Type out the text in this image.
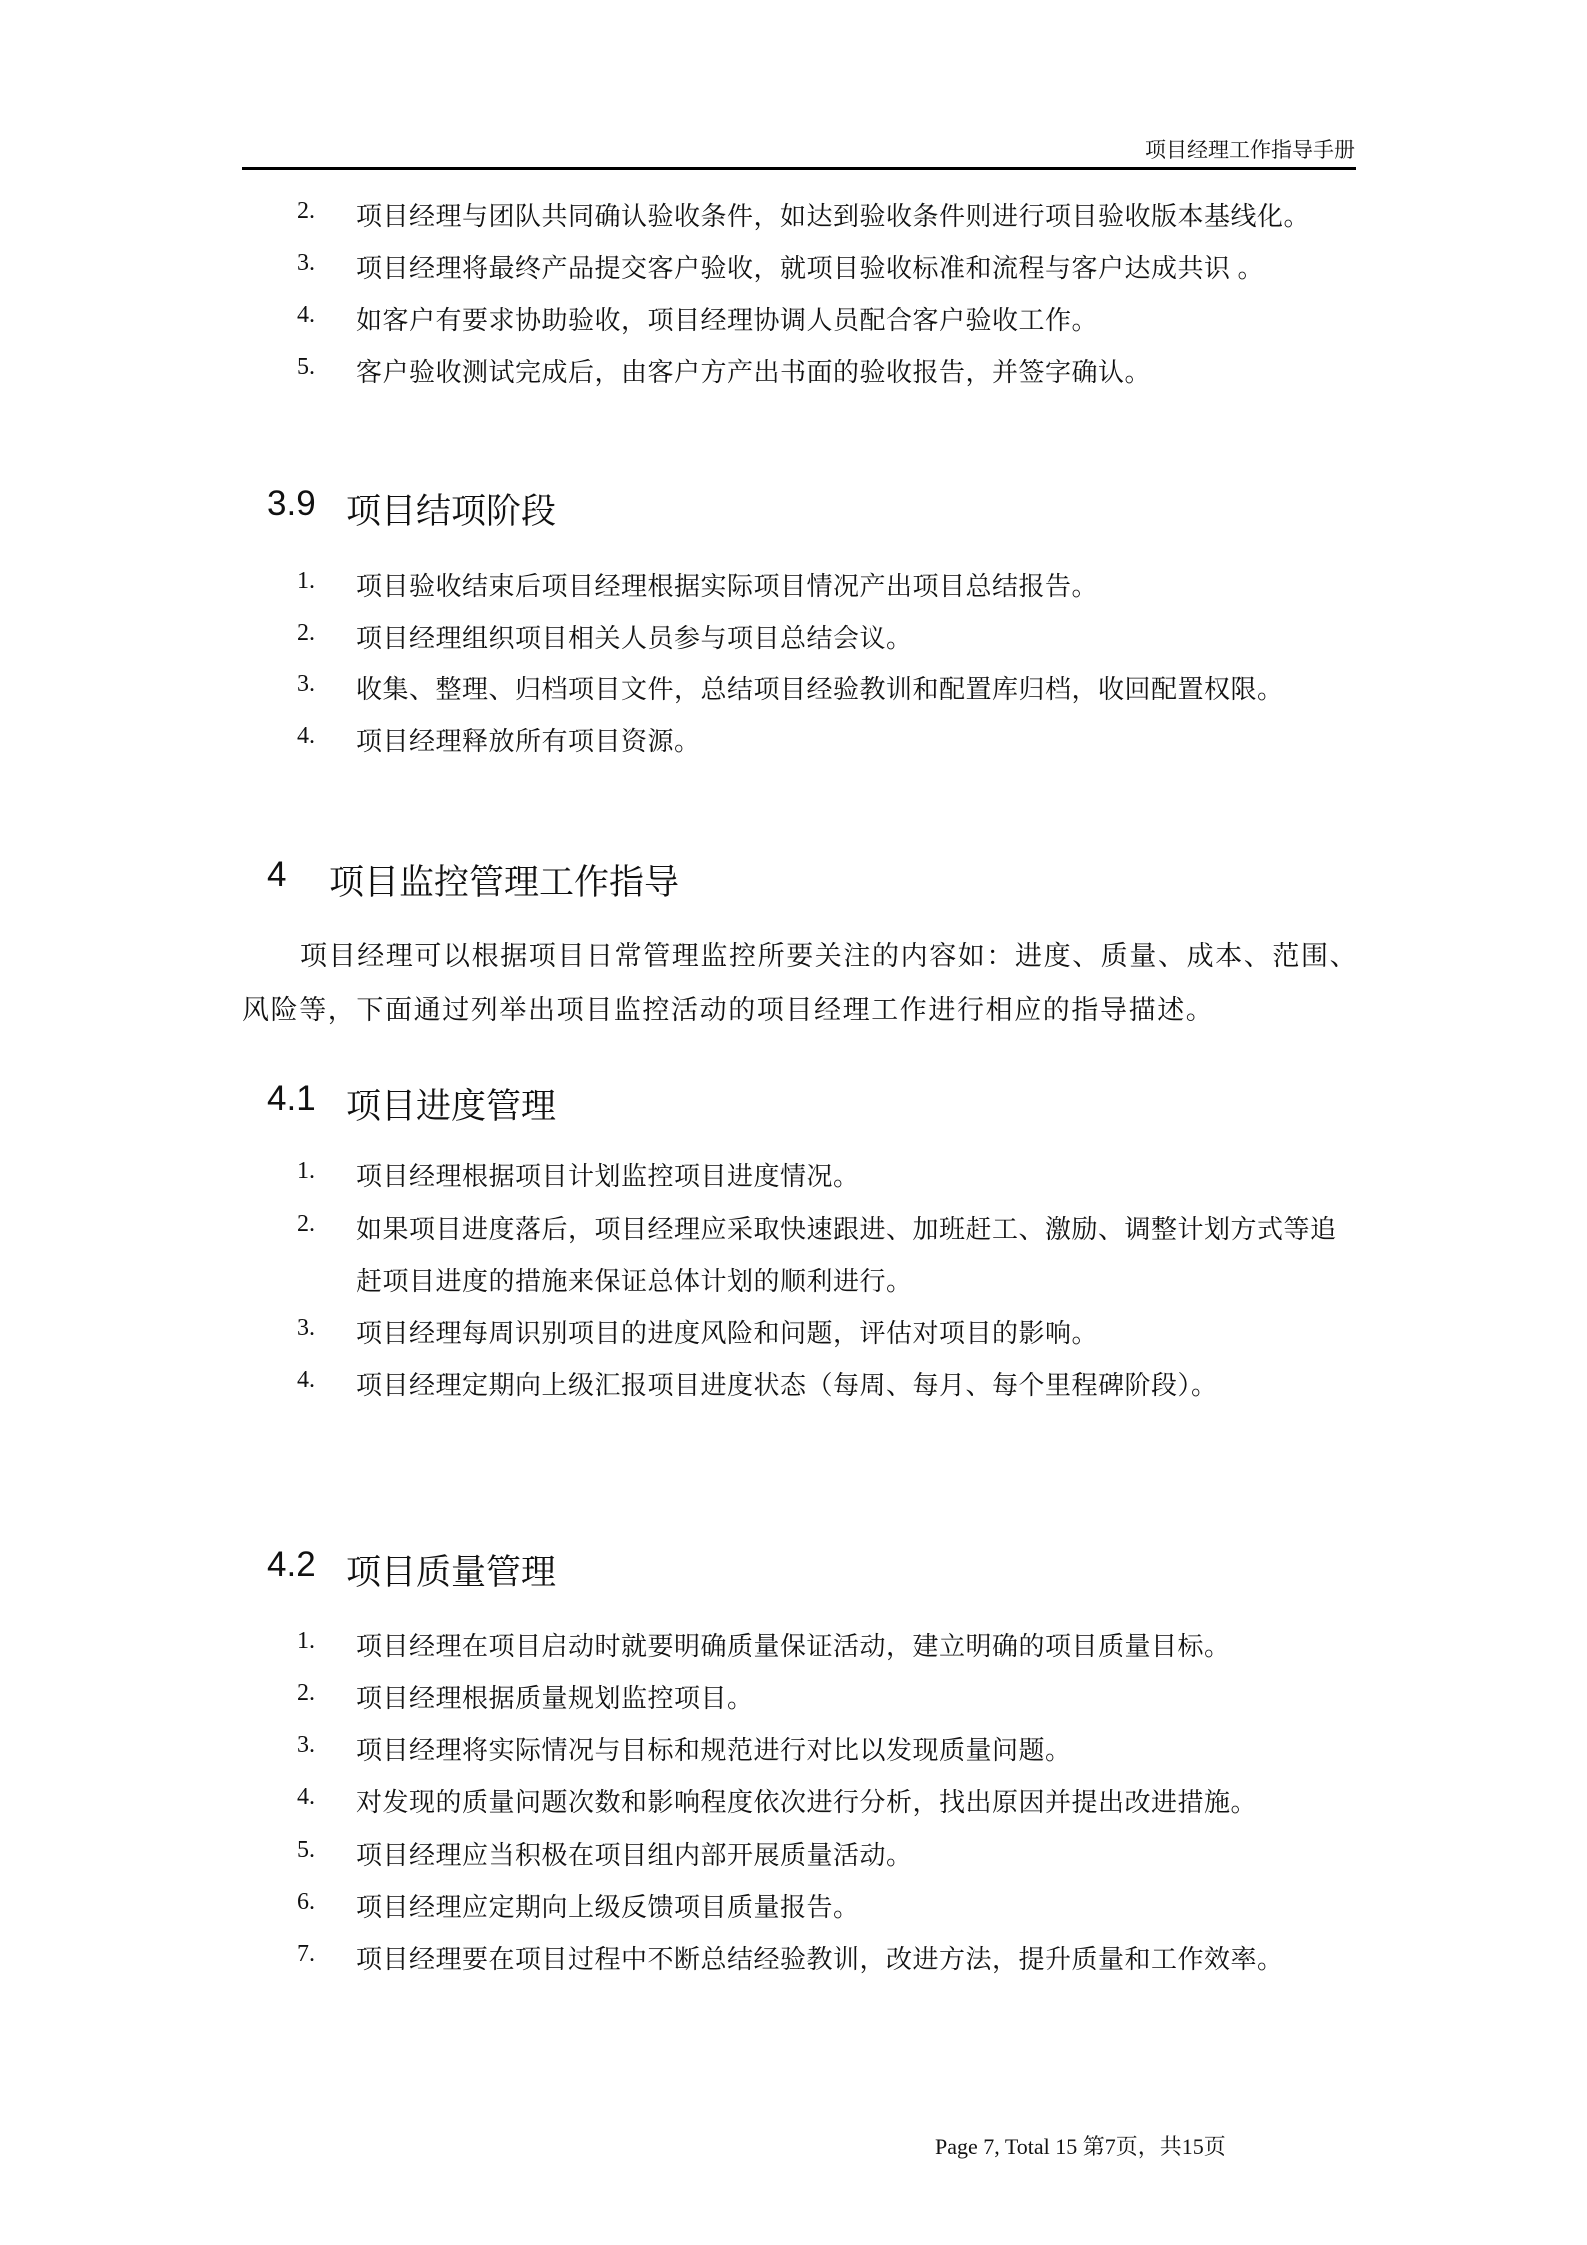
项目经理工作指导手册
2. 项目经理与团队共同确认验收条件，如达到验收条件则进行项目验收版本基线化。
3. 项目经理将最终产品提交客户验收，就项目验收标准和流程与客户达成共识 。
4. 如客户有要求协助验收，项目经理协调人员配合客户验收工作。
5. 客户验收测试完成后，由客户方产出书面的验收报告，并签字确认。
3.9 项目结项阶段
1. 项目验收结束后项目经理根据实际项目情况产出项目总结报告。
2. 项目经理组织项目相关人员参与项目总结会议。
3. 收集、整理、归档项目文件，总结项目经验教训和配置库归档，收回配置权限。
4. 项目经理释放所有项目资源。
4 项目监控管理工作指导
项目经理可以根据项目日常管理监控所要关注的内容如：进度、质量、成本、范围、
风险等，下面通过列举出项目监控活动的项目经理工作进行相应的指导描述。
4.1 项目进度管理
1. 项目经理根据项目计划监控项目进度情况。
2. 如果项目进度落后，项目经理应采取快速跟进、加班赶工、激励、调整计划方式等追
赶项目进度的措施来保证总体计划的顺利进行。
3. 项目经理每周识别项目的进度风险和问题，评估对项目的影响。
4. 项目经理定期向上级汇报项目进度状态（每周、每月、每个里程碑阶段）。
4.2 项目质量管理
1. 项目经理在项目启动时就要明确质量保证活动，建立明确的项目质量目标。
2. 项目经理根据质量规划监控项目。
3. 项目经理将实际情况与目标和规范进行对比以发现质量问题。
4. 对发现的质量问题次数和影响程度依次进行分析，找出原因并提出改进措施。
5. 项目经理应当积极在项目组内部开展质量活动。
6. 项目经理应定期向上级反馈项目质量报告。
7. 项目经理要在项目过程中不断总结经验教训，改进方法，提升质量和工作效率。
Page 7, Total 15 第7页，共15页
